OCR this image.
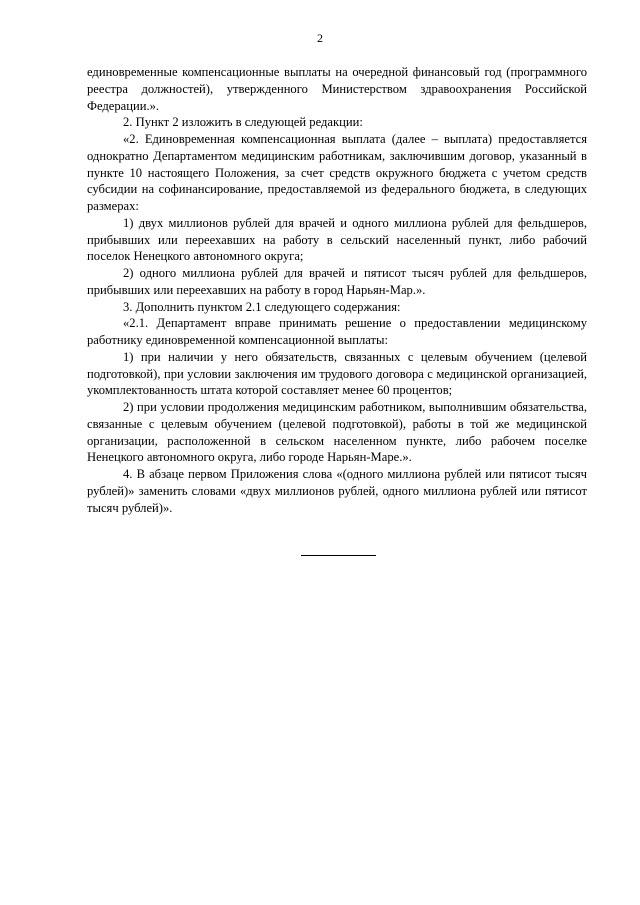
2

единовременные компенсационные выплаты на очередной финансовый год (программного реестра должностей), утвержденного Министерством здравоохранения Российской Федерации.».

2. Пункт 2 изложить в следующей редакции:

«2. Единовременная компенсационная выплата (далее – выплата) предоставляется однократно Департаментом медицинским работникам, заключившим договор, указанный в пункте 10 настоящего Положения, за счет средств окружного бюджета с учетом средств субсидии на софинансирование, предоставляемой из федерального бюджета, в следующих размерах:

1) двух миллионов рублей для врачей и одного миллиона рублей для фельдшеров, прибывших или переехавших на работу в сельский населенный пункт, либо рабочий поселок Ненецкого автономного округа;

2) одного миллиона рублей для врачей и пятисот тысяч рублей для фельдшеров, прибывших или переехавших на работу в город Нарьян-Мар.».

3. Дополнить пунктом 2.1 следующего содержания:

«2.1. Департамент вправе принимать решение о предоставлении медицинскому работнику единовременной компенсационной выплаты:

1) при наличии у него обязательств, связанных с целевым обучением (целевой подготовкой), при условии заключения им трудового договора с медицинской организацией, укомплектованность штата которой составляет менее 60 процентов;

2) при условии продолжения медицинским работником, выполнившим обязательства, связанные с целевым обучением (целевой подготовкой), работы в той же медицинской организации, расположенной в сельском населенном пункте, либо рабочем поселке Ненецкого автономного округа, либо городе Нарьян-Маре.».

4. В абзаце первом Приложения слова «(одного миллиона рублей или пятисот тысяч рублей)» заменить словами «двух миллионов рублей, одного миллиона рублей или пятисот тысяч рублей)».
